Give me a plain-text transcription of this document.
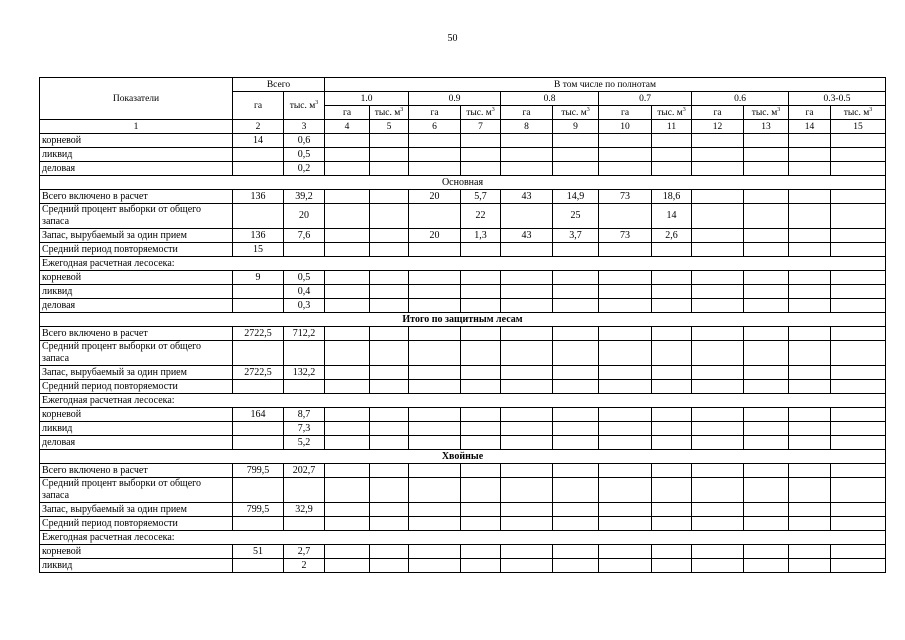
50
Показатели	Всего		В том числе по полнотам											
	га	тыс. $м^3$	1.0		0.9		0.8		0.7		0.6		0.3-0.5	
			га	тыс. $м^3$	га	тыс. $м^3$	га	тыс. $м^3$	га	тыс. $м^3$	га	тыс. $м^3$	га	тыс. $м^3$
1	2	3	4	5	6	7	8	9	10	11	12	13	14	15
корневой	14	0,6												
ликвид		0,5												
деловая		0,2												
Основная														
Всего включено в расчет	136	39,2			20	5,7	43	14,9	73	18,6				
Средний процент выборки от общего запаса		20				22		25		14				
Запас, вырубаемый за один прием	136	7,6			20	1,3	43	3,7	73	2,6				
Средний период повторяемости	15													
Ежегодная расчетная лесосека:														
корневой	9	0,5												
ликвид		0,4												
деловая		0,3												
Итого по защитным лесам														
Всего включено в расчет	2722,5	712,2												
Средний процент выборки от общего запаса														
Запас, вырубаемый за один прием	2722,5	132,2												
Средний период повторяемости														
Ежегодная расчетная лесосека:														
корневой	164	8,7												
ликвид		7,3												
деловая		5,2												
Хвойные														
Всего включено в расчет	799,5	202,7												
Средний процент выборки от общего запаса														
Запас, вырубаемый за один прием	799,5	32,9												
Средний период повторяемости														
Ежегодная расчетная лесосека:														
корневой	51	2,7												
ликвид		2												
